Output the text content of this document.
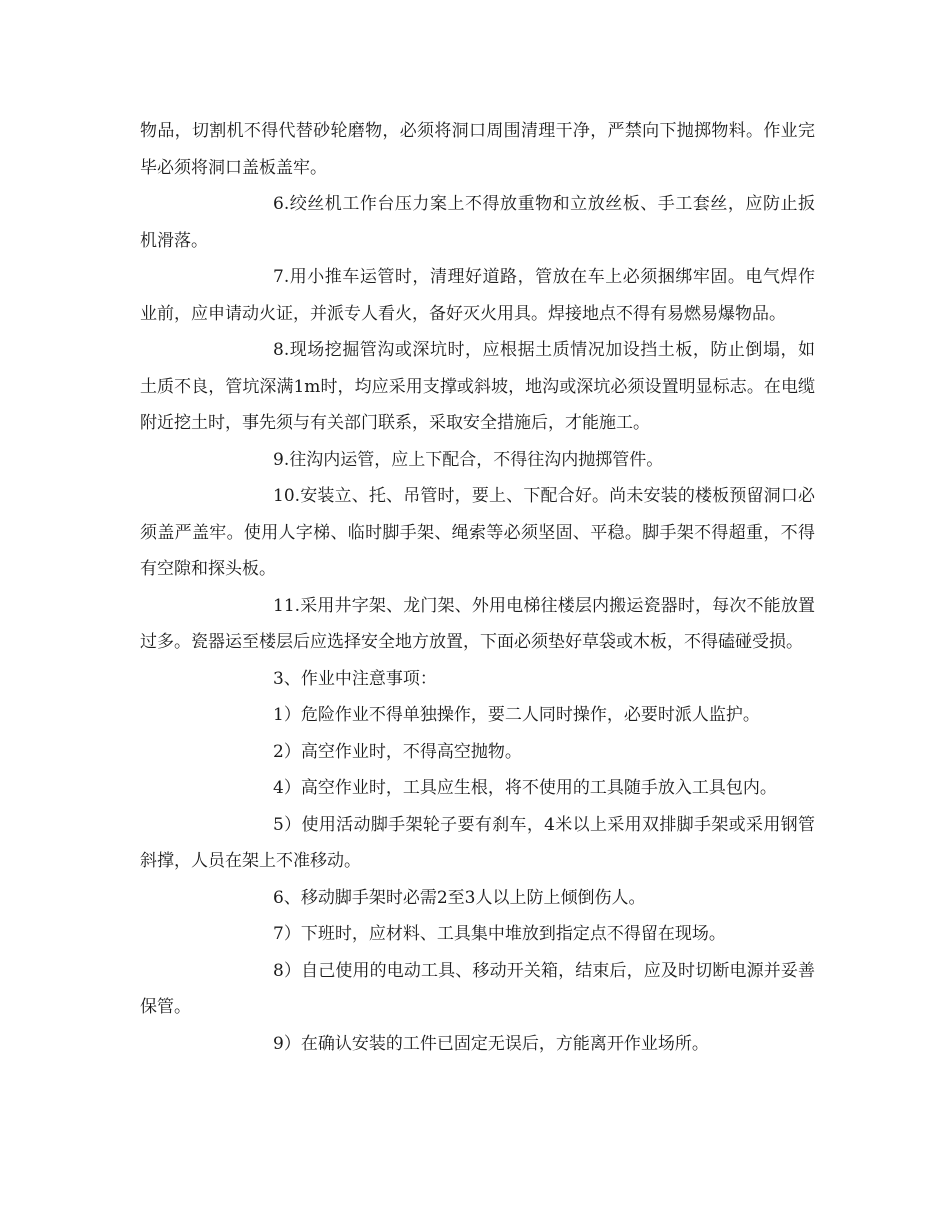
物品，切割机不得代替砂轮磨物，必须将洞口周围清理干净，严禁向下抛掷物料。作业完毕必须将洞口盖板盖牢。

6.绞丝机工作台压力案上不得放重物和立放丝板、手工套丝，应防止扳机滑落。

7.用小推车运管时，清理好道路，管放在车上必须捆绑牢固。电气焊作业前，应申请动火证，并派专人看火，备好灭火用具。焊接地点不得有易燃易爆物品。

8.现场挖掘管沟或深坑时，应根据土质情况加设挡土板，防止倒塌，如土质不良，管坑深满1m时，均应采用支撑或斜坡，地沟或深坑必须设置明显标志。在电缆附近挖土时，事先须与有关部门联系，采取安全措施后，才能施工。

9.往沟内运管，应上下配合，不得往沟内抛掷管件。

10.安装立、托、吊管时，要上、下配合好。尚未安装的楼板预留洞口必须盖严盖牢。使用人字梯、临时脚手架、绳索等必须坚固、平稳。脚手架不得超重，不得有空隙和探头板。

11.采用井字架、龙门架、外用电梯往楼层内搬运瓷器时，每次不能放置过多。瓷器运至楼层后应选择安全地方放置，下面必须垫好草袋或木板，不得磕碰受损。

3、作业中注意事项：

1）危险作业不得单独操作，要二人同时操作，必要时派人监护。

2）高空作业时，不得高空抛物。

4）高空作业时，工具应生根，将不使用的工具随手放入工具包内。

5）使用活动脚手架轮子要有刹车，4米以上采用双排脚手架或采用钢管斜撑，人员在架上不准移动。

6、移动脚手架时必需2至3人以上防上倾倒伤人。

7）下班时，应材料、工具集中堆放到指定点不得留在现场。

8）自己使用的电动工具、移动开关箱，结束后，应及时切断电源并妥善保管。

9）在确认安装的工件已固定无误后，方能离开作业场所。
